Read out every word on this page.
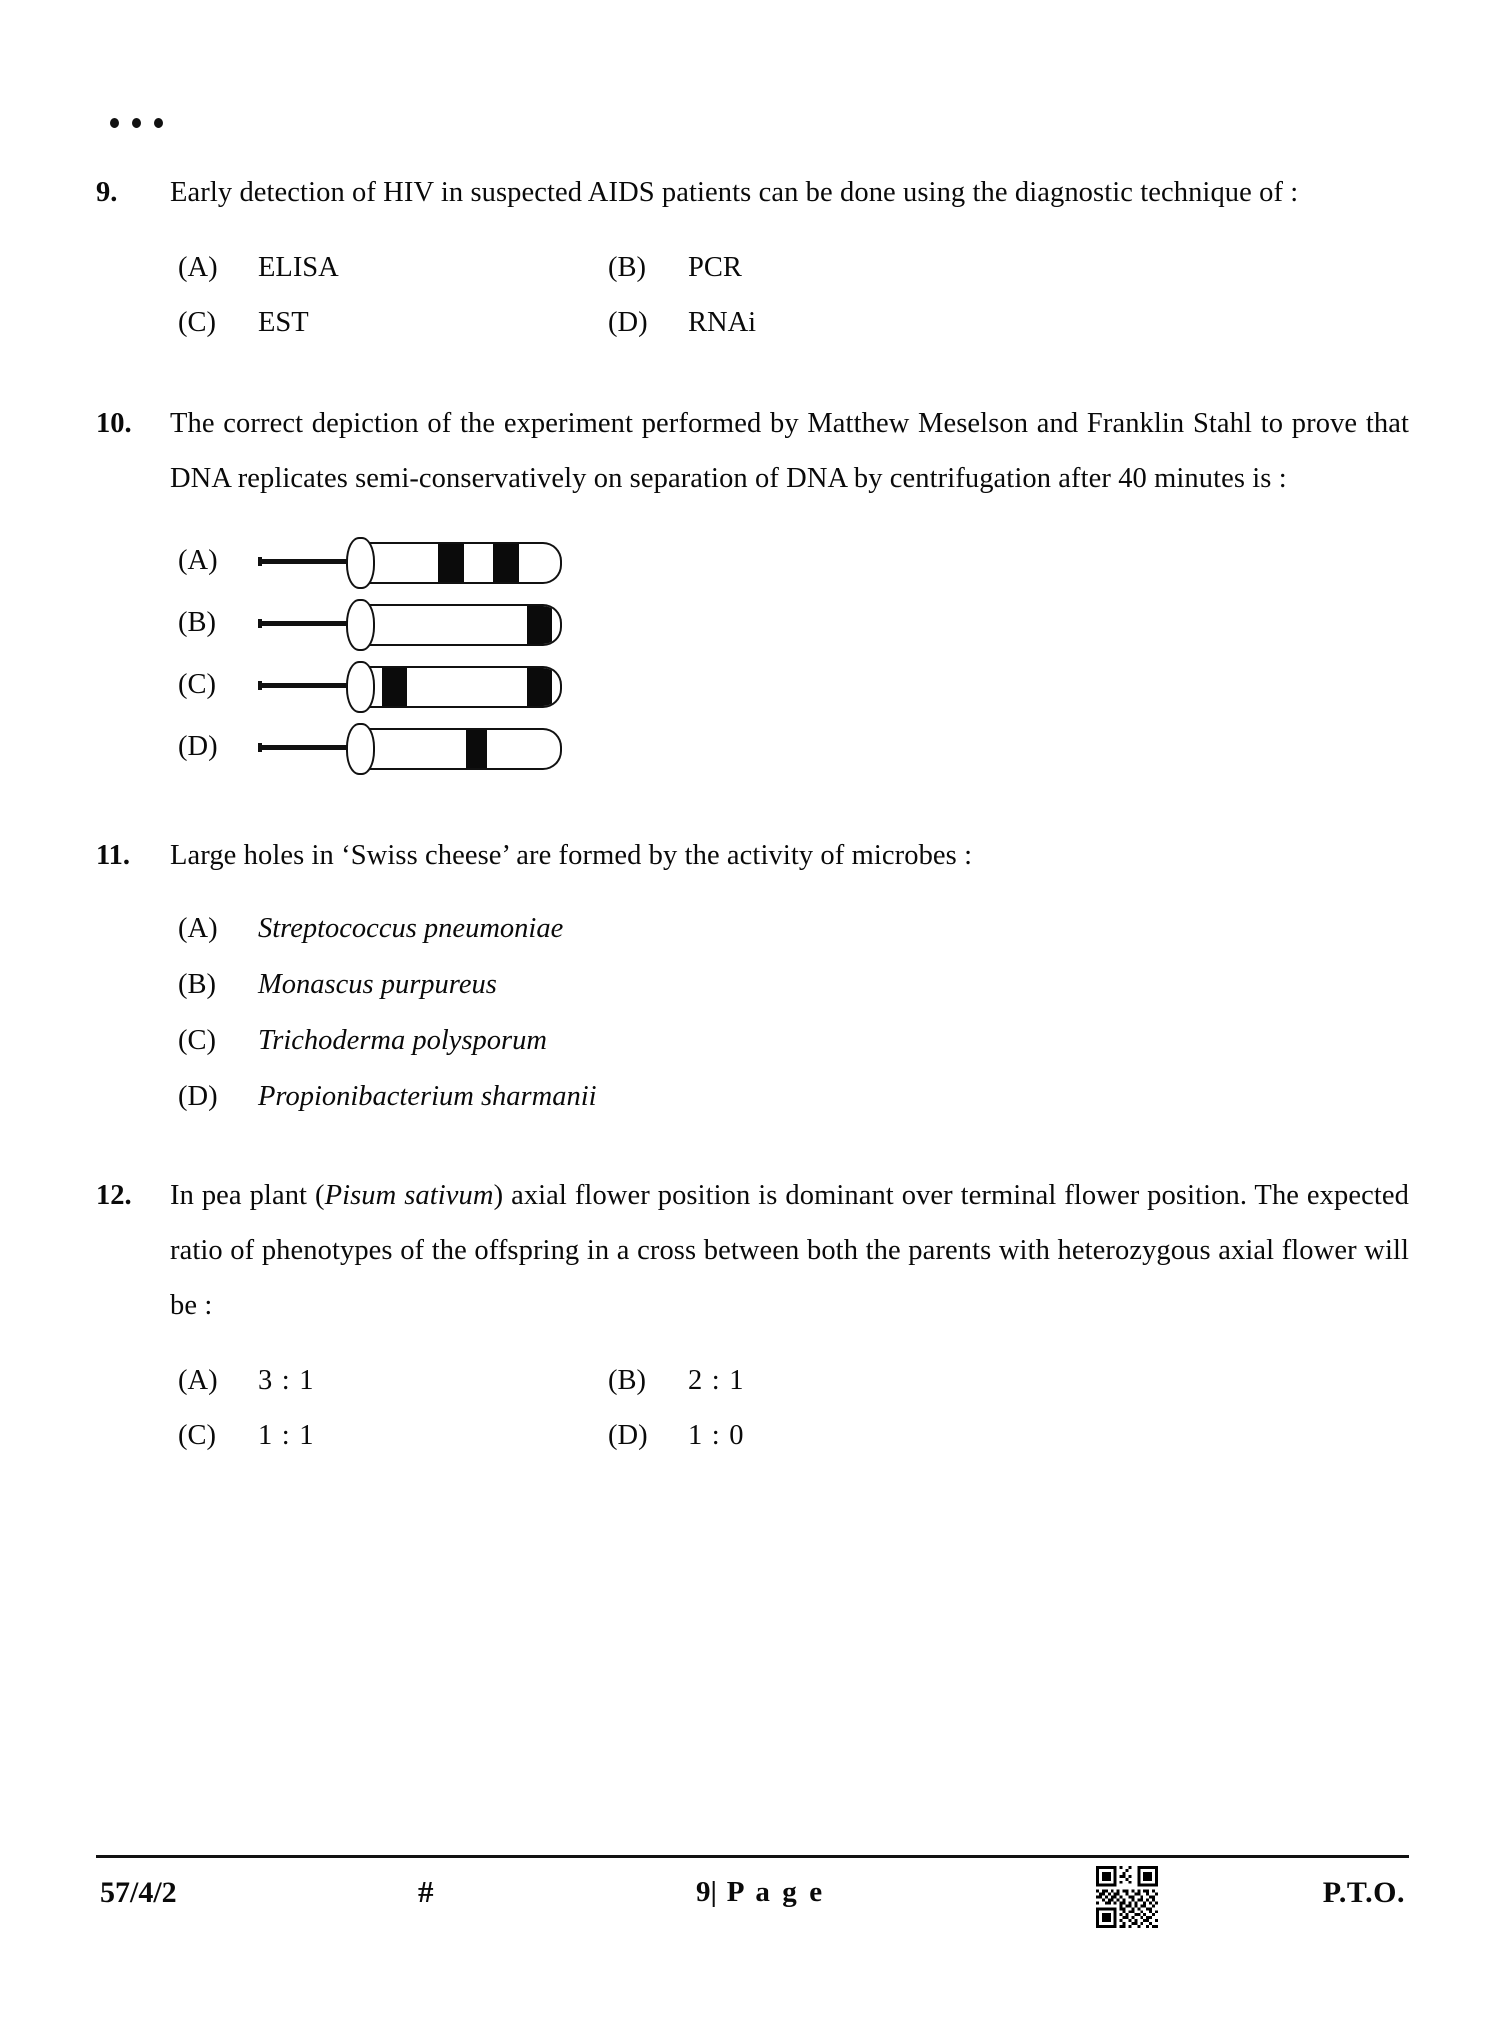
9.	Early detection of HIV in suspected AIDS patients can be done using the diagnostic technique of :
(A)	ELISA	(B)	PCR
(C)	EST	(D)	RNAi
10.	The correct depiction of the experiment performed by Matthew Meselson and Franklin Stahl to prove that DNA replicates semi-conservatively on separation of DNA by centrifugation after 40 minutes is :
(A)
(B)
(C)
(D)
11.	Large holes in ‘Swiss cheese’ are formed by the activity of microbes :
(A)	Streptococcus pneumoniae
(B)	Monascus purpureus
(C)	Trichoderma polysporum
(D)	Propionibacterium sharmanii
12.	In pea plant (Pisum sativum) axial flower position is dominant over terminal flower position. The expected ratio of phenotypes of the offspring in a cross between both the parents with heterozygous axial flower will be :
(A)	3 : 1	(B)	2 : 1
(C)	1 : 1	(D)	1 : 0
57/4/2	#	9| P a g e	P.T.O.
